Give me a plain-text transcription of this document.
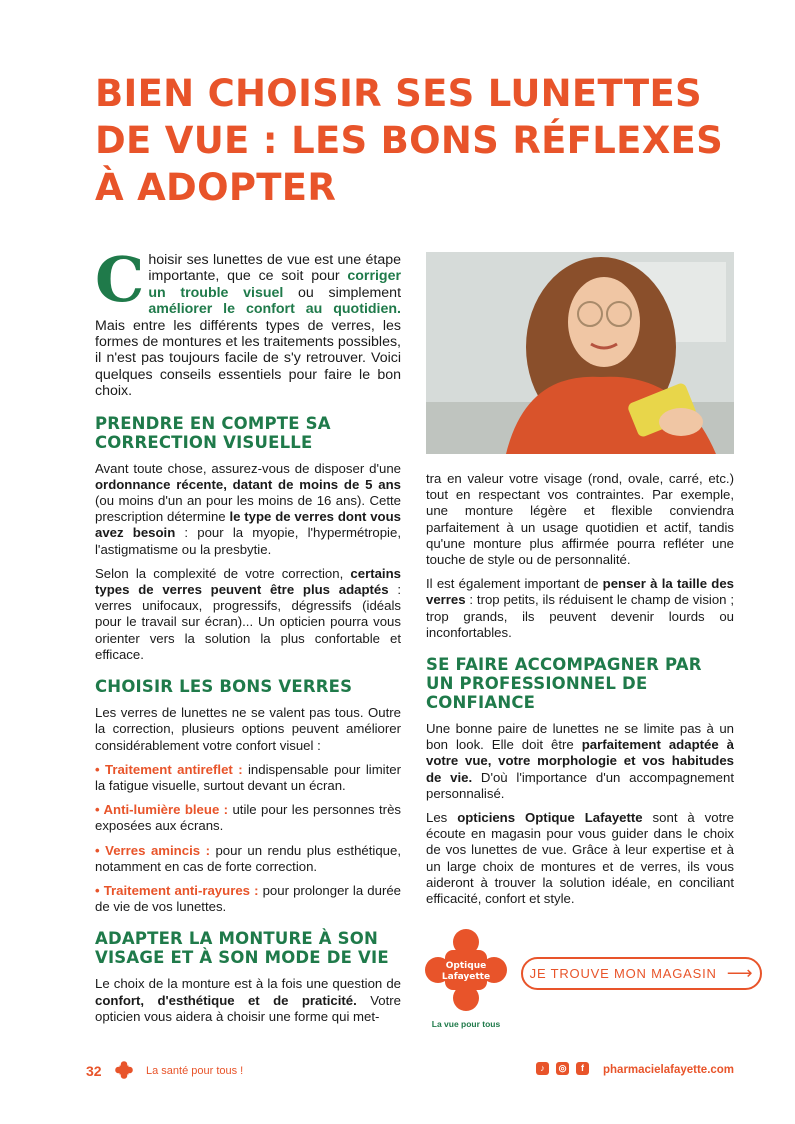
BIEN CHOISIR SES LUNETTES DE VUE : LES BONS RÉFLEXES À ADOPTER

Choisir ses lunettes de vue est une étape importante, que ce soit pour corriger un trouble visuel ou simplement améliorer le confort au quotidien. Mais entre les différents types de verres, les formes de montures et les traitements possibles, il n'est pas toujours facile de s'y retrouver. Voici quelques conseils essentiels pour faire le bon choix.

PRENDRE EN COMPTE SA CORRECTION VISUELLE

Avant toute chose, assurez-vous de disposer d'une ordonnance récente, datant de moins de 5 ans (ou moins d'un an pour les moins de 16 ans). Cette prescription détermine le type de verres dont vous avez besoin : pour la myopie, l'hypermétropie, l'astigmatisme ou la presbytie.

Selon la complexité de votre correction, certains types de verres peuvent être plus adaptés : verres unifocaux, progressifs, dégressifs (idéals pour le travail sur écran)... Un opticien pourra vous orienter vers la solution la plus confortable et efficace.

CHOISIR LES BONS VERRES

Les verres de lunettes ne se valent pas tous. Outre la correction, plusieurs options peuvent améliorer considérablement votre confort visuel :

• Traitement antireflet : indispensable pour limiter la fatigue visuelle, surtout devant un écran.

• Anti-lumière bleue : utile pour les personnes très exposées aux écrans.

• Verres amincis : pour un rendu plus esthétique, notamment en cas de forte correction.

• Traitement anti-rayures : pour prolonger la durée de vie de vos lunettes.

ADAPTER LA MONTURE À SON VISAGE ET À SON MODE DE VIE

Le choix de la monture est à la fois une question de confort, d'esthétique et de praticité. Votre opticien vous aidera à choisir une forme qui met-

tra en valeur votre visage (rond, ovale, carré, etc.) tout en respectant vos contraintes. Par exemple, une monture légère et flexible conviendra parfaitement à un usage quotidien et actif, tandis qu'une monture plus affirmée pourra refléter une touche de style ou de personnalité.

Il est également important de penser à la taille des verres : trop petits, ils réduisent le champ de vision ; trop grands, ils peuvent devenir lourds ou inconfortables.

SE FAIRE ACCOMPAGNER PAR UN PROFESSIONNEL DE CONFIANCE

Une bonne paire de lunettes ne se limite pas à un bon look. Elle doit être parfaitement adaptée à votre vue, votre morphologie et vos habitudes de vie. D'où l'importance d'un accompagnement personnalisé.

Les opticiens Optique Lafayette sont à votre écoute en magasin pour vous guider dans le choix de vos lunettes de vue. Grâce à leur expertise et à un large choix de montures et de verres, ils vous aideront à trouver la solution idéale, en conciliant efficacité, confort et style.

Optique
Lafayette
La vue pour tous
JE TROUVE MON MAGASIN ⟶
32	La santé pour tous !	♪	◎	f	pharmacielafayette.com
